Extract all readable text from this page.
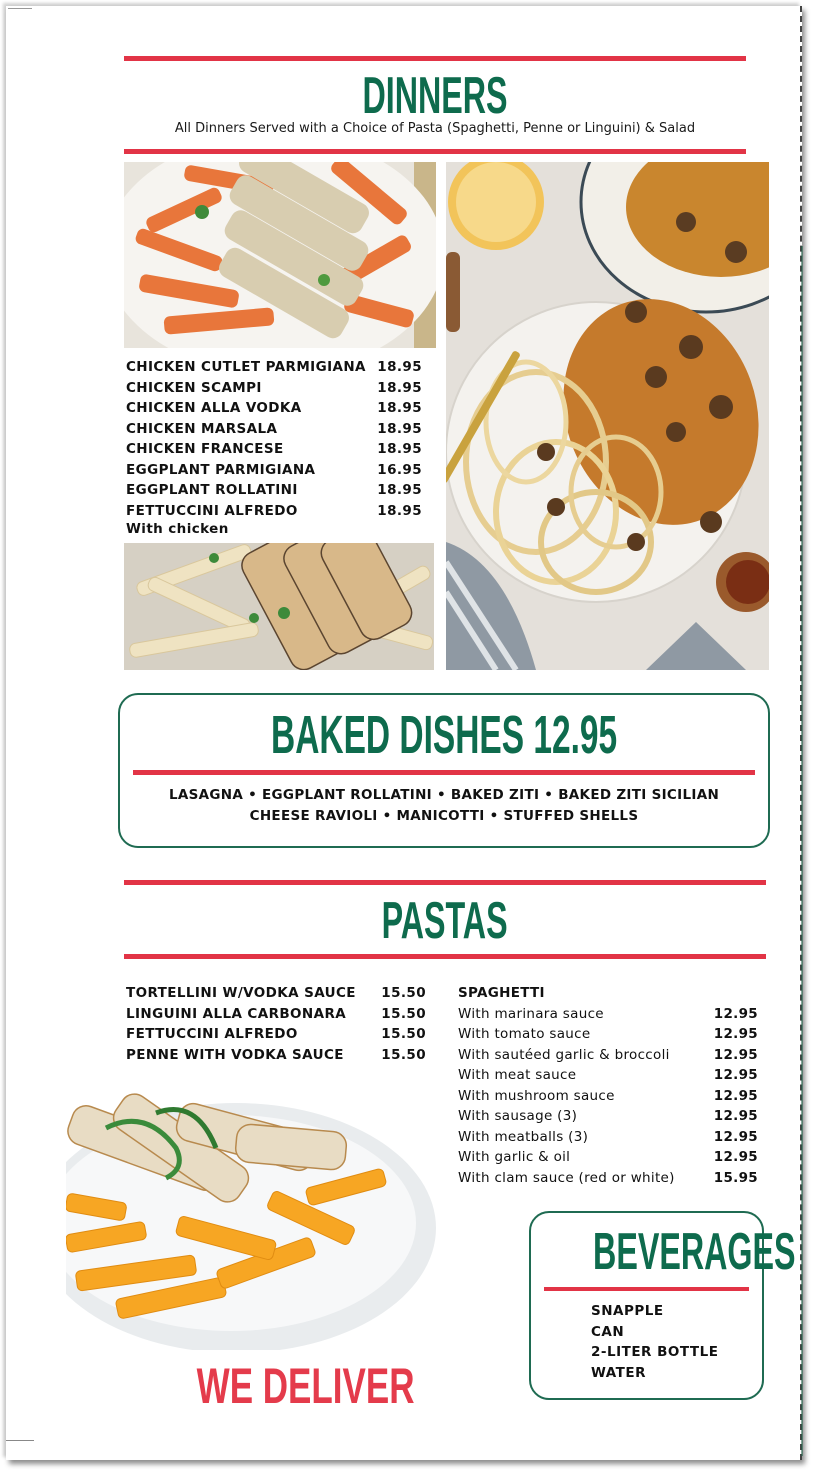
DINNERS
All Dinners Served with a Choice of Pasta (Spaghetti, Penne or Linguini) & Salad
CHICKEN CUTLET PARMIGIANA 18.95
CHICKEN SCAMPI	18.95
CHICKEN ALLA VODKA	18.95
CHICKEN MARSALA	18.95
CHICKEN FRANCESE	18.95
EGGPLANT PARMIGIANA	16.95
EGGPLANT ROLLATINI	18.95
FETTUCCINI ALFREDO	18.95
With chicken
BAKED DISHES 12.95
LASAGNA • EGGPLANT ROLLATINI • BAKED ZITI • BAKED ZITI SICILIAN
CHEESE RAVIOLI • MANICOTTI • STUFFED SHELLS
PASTAS
TORTELLINI W/VODKA SAUCE 15.50
LINGUINI ALLA CARBONARA	15.50
FETTUCCINI ALFREDO	15.50
PENNE WITH VODKA SAUCE	15.50
SPAGHETTI
With marinara sauce	12.95
With tomato sauce	12.95
With sautéed garlic & broccoli	12.95
With meat sauce	12.95
With mushroom sauce	12.95
With sausage (3)	12.95
With meatballs (3)	12.95
With garlic & oil	12.95
With clam sauce (red or white)	15.95
WE DELIVER
BEVERAGES
SNAPPLE
CAN
2-LITER BOTTLE
WATER
